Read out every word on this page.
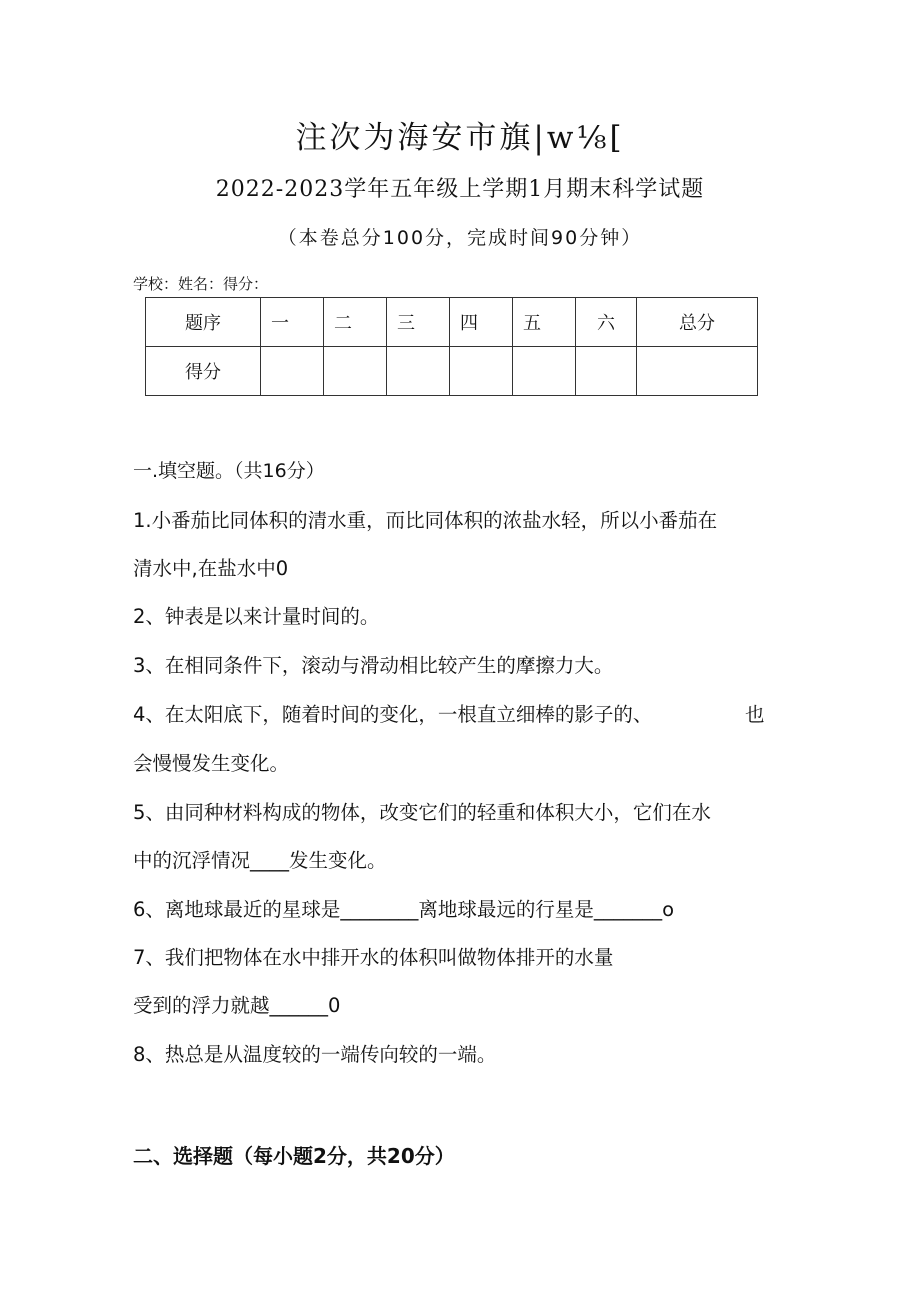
注次为海安市旗|w⅛[
2022-2023学年五年级上学期1月期末科学试题
（本卷总分100分，完成时间90分钟）
学校：姓名：得分：
题序	一	二	三	四	五	六	总分
得分							
一.填空题。（共16分）
1.小番茄比同体积的清水重，而比同体积的浓盐水轻，所以小番茄在
清水中,在盐水中0
2、钟表是以来计量时间的。
3、在相同条件下，滚动与滑动相比较产生的摩擦力大。
4、在太阳底下，随着时间的变化，一根直立细棒的影子的、	也
会慢慢发生变化。
5、由同种材料构成的物体，改变它们的轻重和体积大小，它们在水
中的沉浮情况____发生变化。
6、离地球最近的星球是________离地球最远的行星是_______o
7、我们把物体在水中排开水的体积叫做物体排开的水量
受到的浮力就越______0
8、热总是从温度较的一端传向较的一端。
二、选择题（每小题2分，共20分）
